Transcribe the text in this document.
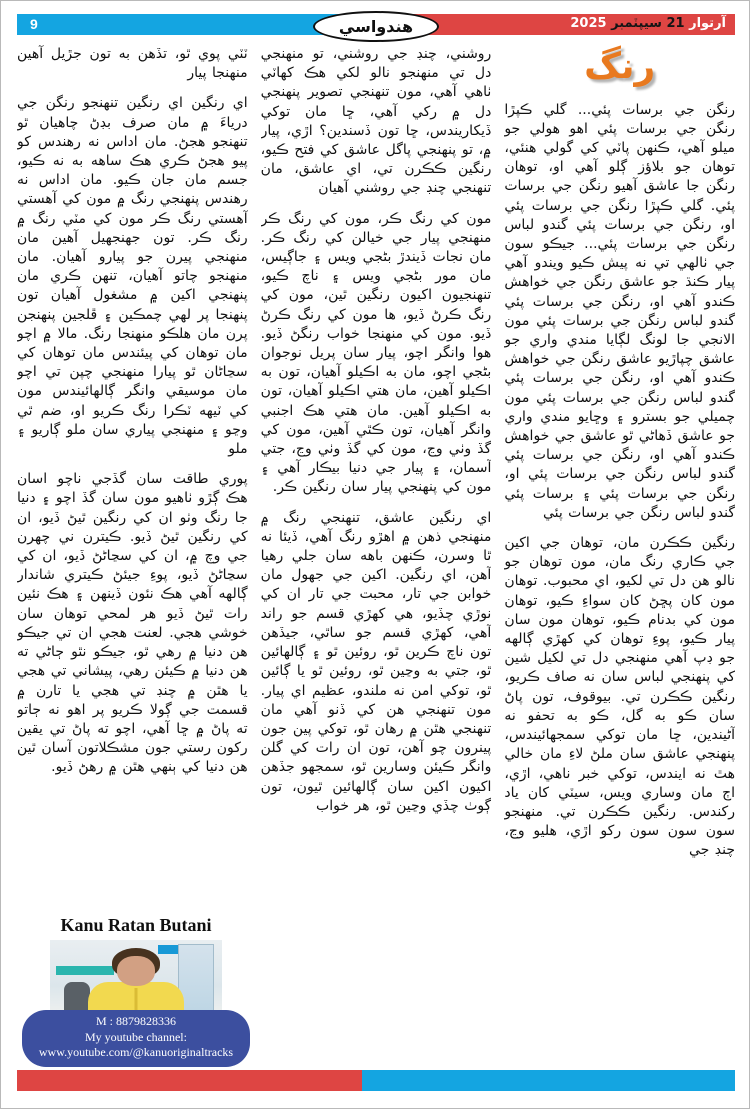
9	آرتوار 21 سيپٽمبر 2025
هندواسي
رنگ

رنگن جي برسات پئي... گلي ڪپڙا رنگن جي برسات پئي اهو هولي جو ميلو آهي، ڪنهن پاٽي کي گولي هنئي، توهان جو بلاؤز ڳلو آهي او، توهان رنگن جا عاشق آهيو رنگن جي برسات پئي. گلي ڪپڙا رنگن جي برسات پئي او، رنگن جي برسات پئي گندو لباس رنگن جي برسات پئي... جيڪو سون جي ٺالهي تي نه پيش ڪيو ويندو آهي پيار ڪنڌ جو عاشق رنگن جي خواهش ڪندو آهي او، رنگن جي برسات پئي گندو لباس رنگن جي برسات پئي مون الانجي جا لونگ لڳايا مندي واري جو عاشق چپاڙيو عاشق رنگن جي خواهش ڪندو آهي او، رنگن جي برسات پئي گندو لباس رنگن جي برسات پئي مون چميلي جو بسترو ۽ وڇايو مندي واري جو عاشق ڏهاڻي ٿو عاشق جي خواهش ڪندو آهي او، رنگن جي برسات پئي گندو لباس رنگن جي برسات پئي او، رنگن جي برسات پئي ۽ برسات پئي گندو لباس رنگن جي برسات پئي

رنگين ڪڪرن مان، توهان جي اکين جي ڪاري رنگ مان، مون توهان جو نالو هن دل تي لکيو، اي محبوب. توهان مون کان پڇڻ کان سواءِ ڪيو، توهان مون کي بدنام ڪيو، توهان مون سان پيار ڪيو، پوءِ توهان کي کهڙي ڳالهه جو ڊپ آهي منهنجي دل تي لکيل شين کي پنهنجي لباس سان نه صاف ڪريو، رنگين ڪڪرن تي. بيوقوف، تون پاڻ سان ڪو به گل، ڪو به تحفو نه آڻيندين، ڇا مان توکي سمجهائيندس، پنهنجي عاشق سان ملڻ لاءِ مان خالي هٿ نه ايندس، توکي خبر ناهي، اڙي، اڄ مان وساري ويس، سيٽي کان ياد رکندس. رنگين ڪڪرن تي. منهنجو سون سون سون رکو اڙي، هليو وڃ، چنڊ جي

روشني، چنڊ جي روشني، تو منهنجي دل تي منهنجو نالو لکي هڪ کهاٽي ٺاهي آهي، مون تنهنجي تصوير پنهنجي دل ۾ رکي آهي، ڇا مان توکي ڏيکاريندس، ڇا تون ڏسندين؟ اڙي، پيار ۾، تو پنهنجي پاگل عاشق کي فتح ڪيو، رنگين ڪڪرن تي، اي عاشق، مان تنهنجي چنڊ جي روشني آهيان

مون کي رنگ ڪر، مون کي رنگ ڪر منهنجي پيار جي خيالن کي رنگ ڪر. مان نجات ڏيندڙ بڻجي ويس ۽ جاڳيس، مان مور بڻجي ويس ۽ ناچ ڪيو، تنهنجيون اکيون رنگين ٿين، مون کي رنگ ڪرڻ ڏيو، ها مون کي رنگ ڪرڻ ڏيو. مون کي منهنجا خواب رنگڻ ڏيو. هوا وانگر اچو، پيار سان پريل نوجوان بڻجي اچو، مان به اڪيلو آهيان، تون به اڪيلو آهين، مان هتي اڪيلو آهيان، تون به اڪيلو آهين. مان هتي هڪ اجنبي وانگر آهيان، تون ڪٿي آهين، مون کي گڏ وٺي وڃ، مون کي گڏ وٺي وڃ، جتي آسمان، ۽ پيار جي دنيا بيڪار آهي ۽ مون کي پنهنجي پيار سان رنگين ڪر.

اي رنگين عاشق، تنهنجي رنگ ۾ منهنجي ذهن ۾ اهڙو رنگ آهي، ڏيئا نه ٿا وسرن، ڪنهن باهه سان جلي رهيا آهن، اي رنگين. اکين جي جهول مان خوابن جي تار، محبت جي تار ان کي نوڙي چڏيو، هي کهڙي قسم جو راند آهي، کهڙي قسم جو ساٿي، جيڏهن تون ناچ ڪرين ٿو، روئين ٿو ۽ ڳالهائين ٿو، جتي به وڃين ٿو، روئين ٿو يا ڳائين ٿو، توکي امن نه ملندو، عظيم اي پيار. مون تنهنجي هن کي ڏنو آهي مان تنهنجي هٿن ۾ رهان ٿو، توکي پين جون پينرون چو آهن، تون ان رات کي گلن وانگر ڪيئن وسارين ٿو، سمجهو جڏهن اکيون اکين سان ڳالهائين ٿيون، تون ڳوٺ چڏي وڃين ٿو، هر خواب

ٽٽي پوي ٿو، تڏهن به تون جڙيل آهين منهنجا پيار

اي رنگين اي رنگين تنهنجو رنگن جي درياءَ ۾ مان صرف بڊڻ چاهيان ٿو تنهنجو هجڻ. مان اداس نه رهندس کو پيو هجڻ ڪري هڪ ساهه به نه ڪيو، جسم مان جان ڪيو. مان اداس نه رهندس پنهنجي رنگ ۾ مون کي آهستي آهستي رنگ ڪر مون کي مٽي رنگ ۾ رنگ ڪر. تون جهنجهيل آهين مان منهنجي پيرن جو پيارو آهيان. مان منهنجو چاتو آهيان، تنهن ڪري مان پنهنجي اکين ۾ مشغول آهيان تون پنهنجا پر لهي چمڪين ۽ ڦلجين پنهنجن پرن مان هلڪو منهنجا رنگ. مالا ۾ اچو مان توهان کي پيئندس مان توهان کي سڃاڻان ٿو پيارا منهنجي چپن تي اچو مان موسيقي وانگر ڳالهائيندس مون کي ٽيهه ٽڪرا رنگ ڪريو او، ضم ٿي وڃو ۽ منهنجي پياري سان ملو ڳاريو ۽ ملو

پوري طاقت سان گڏجي ناچو اسان هڪ ڳڙو ٺاهيو مون سان گڏ اچو ۽ دنيا جا رنگ وٺو ان کي رنگين ٿيڻ ڏيو، ان کي رنگين ٿيڻ ڏيو. ڪيترن ني چهرن جي وچ ۾، ان کي سڃاڻڻ ڏيو، ان کي سڃاڻڻ ڏيو، پوءِ جيئڻ ڪيتري شاندار ڳالهه آهي هڪ نئون ڏينهن ۽ هڪ نئين رات ٿيڻ ڏيو هر لمحي توهان سان خوشي هجي. لعنت هجي ان تي جيڪو هن دنيا ۾ رهي ٿو، جيڪو نٿو ڄاڻي ته هن دنيا ۾ ڪيئن رهي، پيشاني تي هجي يا هٿن ۾ چنڊ تي هجي يا تارن ۾ قسمت جي ڳولا ڪريو پر اهو نه ڄاتو ته پاڻ ۾ ڇا آهي، اچو ته پاڻ تي يقين رکون رستي جون مشڪلاتون آسان ٿين هن دنيا کي ٻنهي هٿن ۾ رهڻ ڏيو.

Kanu Ratan Butani
M : 8879828336
My youtube channel:
www.youtube.com/@kanuoriginaltracks
